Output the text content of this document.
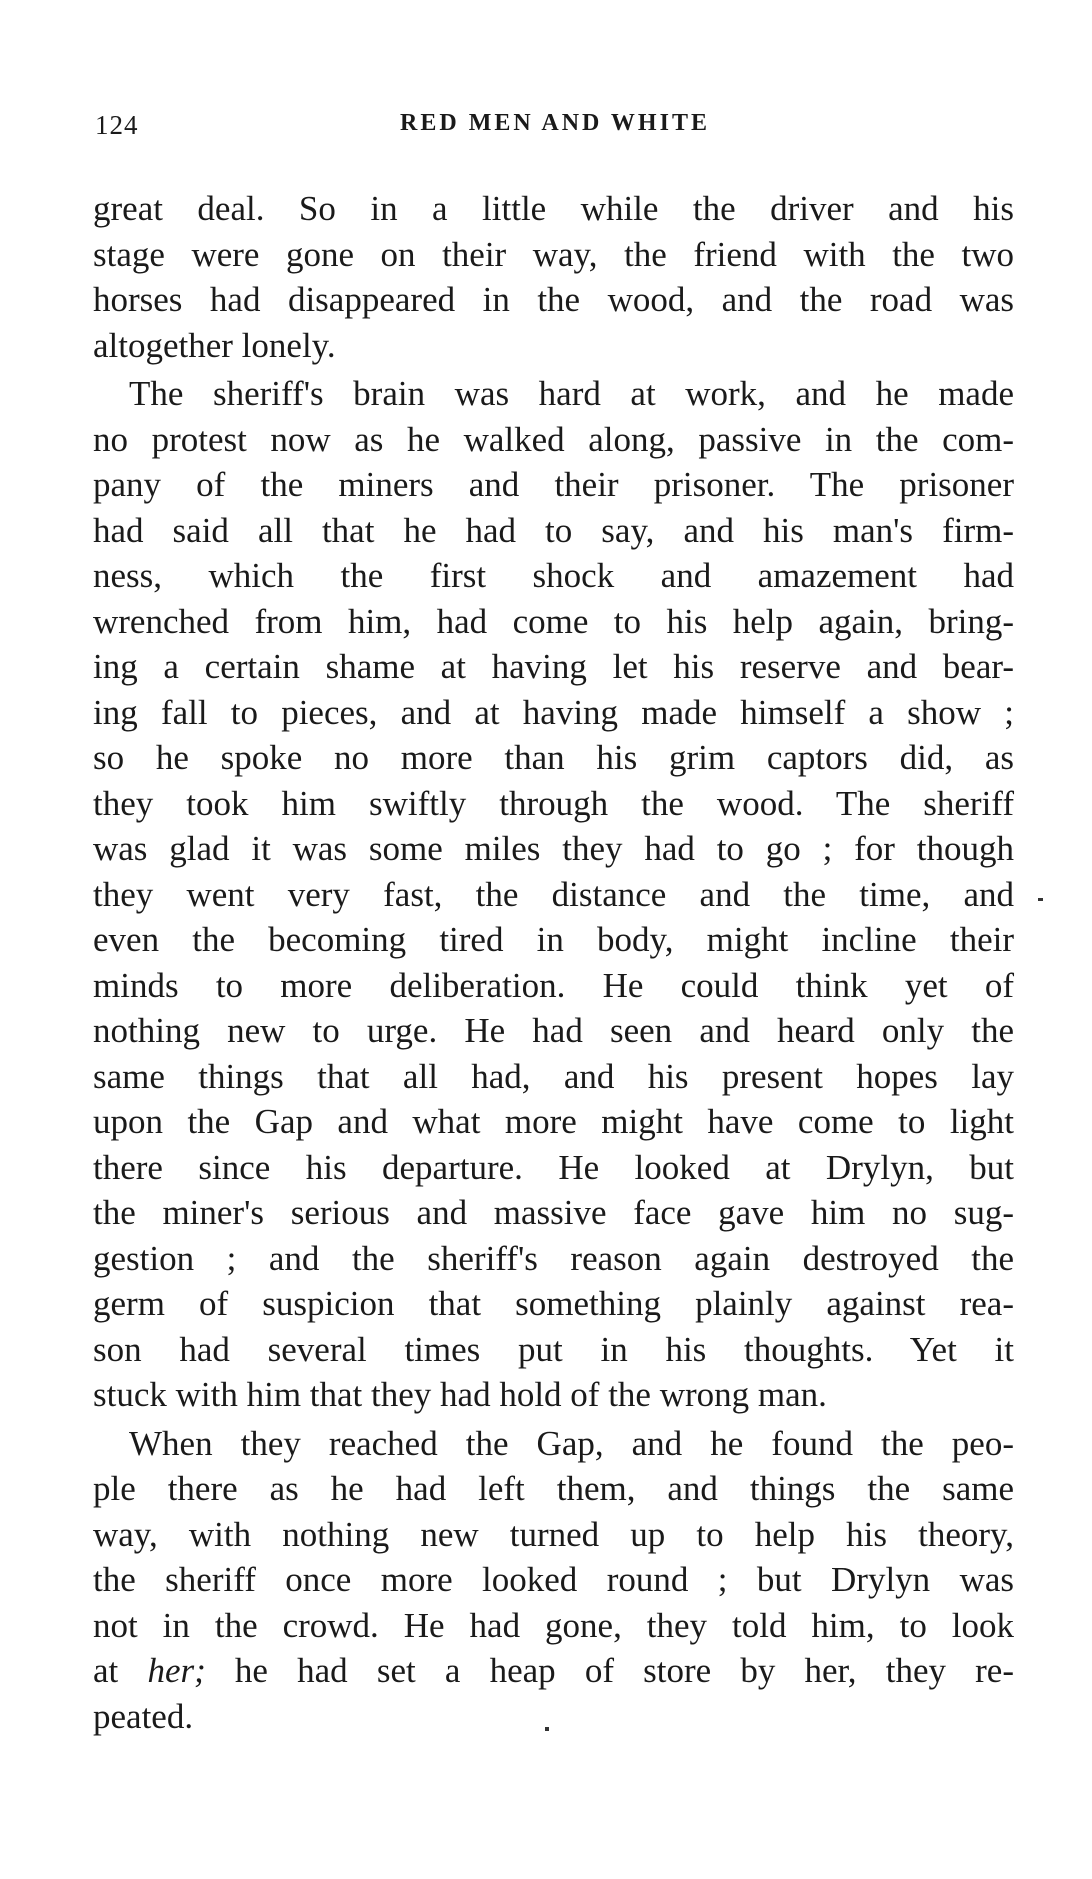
124	RED MEN AND WHITE
great deal. So in a little while the driver and his
stage were gone on their way, the friend with the two
horses had disappeared in the wood, and the road was
altogether lonely.
The sheriff's brain was hard at work, and he made
no protest now as he walked along, passive in the com-
pany of the miners and their prisoner. The prisoner
had said all that he had to say, and his man's firm-
ness, which the first shock and amazement had
wrenched from him, had come to his help again, bring-
ing a certain shame at having let his reserve and bear-
ing fall to pieces, and at having made himself a show ;
so he spoke no more than his grim captors did, as
they took him swiftly through the wood. The sheriff
was glad it was some miles they had to go ; for though
they went very fast, the distance and the time, and
even the becoming tired in body, might incline their
minds to more deliberation. He could think yet of
nothing new to urge. He had seen and heard only the
same things that all had, and his present hopes lay
upon the Gap and what more might have come to light
there since his departure. He looked at Drylyn, but
the miner's serious and massive face gave him no sug-
gestion ; and the sheriff's reason again destroyed the
germ of suspicion that something plainly against rea-
son had several times put in his thoughts. Yet it
stuck with him that they had hold of the wrong man.
When they reached the Gap, and he found the peo-
ple there as he had left them, and things the same
way, with nothing new turned up to help his theory,
the sheriff once more looked round ; but Drylyn was
not in the crowd. He had gone, they told him, to look
at her; he had set a heap of store by her, they re-
peated.
